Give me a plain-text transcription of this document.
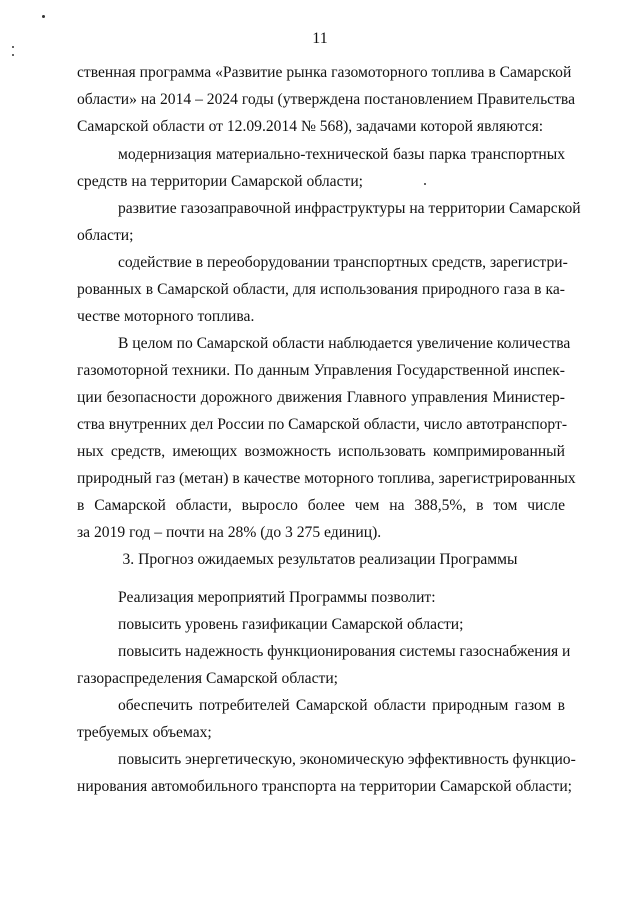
11
ственная программа «Развитие рынка газомоторного топлива в Самарской
области» на 2014 – 2024 годы (утверждена постановлением Правительства
Самарской области от 12.09.2014 № 568), задачами которой являются:
модернизация материально-технической базы парка транспортных
средств на территории Самарской области;
развитие газозаправочной инфраструктуры на территории Самарской
области;
содействие в переоборудовании транспортных средств, зарегистри-
рованных в Самарской области, для использования природного газа в ка-
честве моторного топлива.
В целом по Самарской области наблюдается увеличение количества
газомоторной техники. По данным Управления Государственной инспек-
ции безопасности дорожного движения Главного управления Министер-
ства внутренних дел России по Самарской области, число автотранспорт-
ных средств, имеющих возможность использовать компримированный
природный газ (метан) в качестве моторного топлива, зарегистрированных
в Самарской области, выросло более чем на 388,5%, в том числе
за 2019 год – почти на 28% (до 3 275 единиц).
3. Прогноз ожидаемых результатов реализации Программы
Реализация мероприятий Программы позволит:
повысить уровень газификации Самарской области;
повысить надежность функционирования системы газоснабжения и
газораспределения Самарской области;
обеспечить потребителей Самарской области природным газом в
требуемых объемах;
повысить энергетическую, экономическую эффективность функцио-
нирования автомобильного транспорта на территории Самарской области;
